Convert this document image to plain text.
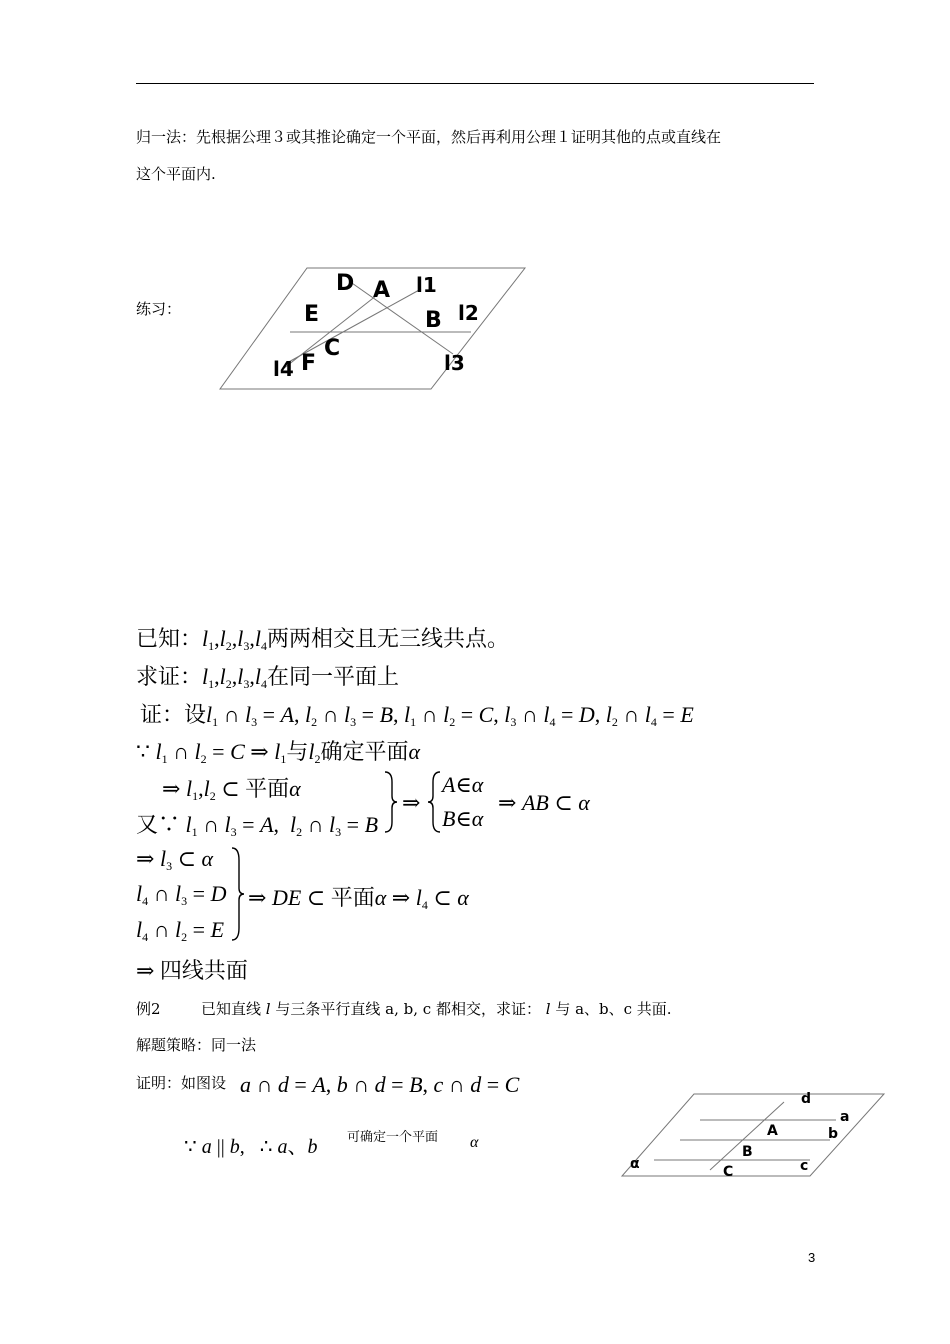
归一法：先根据公理３或其推论确定一个平面，然后再利用公理１证明其他的点或直线在
这个平面内.
练习：
D A l1
E	B l2
C
F
l4	l3
已知：$l_1,l_2,l_3,l_4$两两相交且无三线共点。
求证：$l_1,l_2,l_3,l_4$在同一平面上
证：设$l_1$ ∩ $l_3 = A$, $l_2$ ∩ $l_3 = B$, $l_1$ ∩ $l_2 = C$, $l_3$ ∩ $l_4 = D$, $l_2$ ∩ $l_4 = E$
∵ $l_1$ ∩ $l_2 = C$ ⇒ $l_1$与$l_2$确定平面α
⇒ $l_1,l_2$ ⊂ 平面α
又∵ $l_1$ ∩ $l_3 = A$,  $l_2$ ∩ $l_3 = B$
⇒
A∈α
B∈α
⇒ AB ⊂ α
⇒ $l_3$ ⊂ α
$l_4$ ∩ $l_3 = D$
$l_4$ ∩ $l_2 = E$
⇒ DE ⊂ 平面α ⇒ $l_4$ ⊂ α
⇒ 四线共面
例2	已知直线 l 与三条平行直线 a, b, c 都相交，求证： l 与 a、b、c 共面.
解题策略：同一法
证明：如图设 a ∩ d = A, b ∩ d = B, c ∩ d = C
∵ a || b,   ∴ a、b 可确定一个平面 α
d
a
A	b
B
α	C	c
3
